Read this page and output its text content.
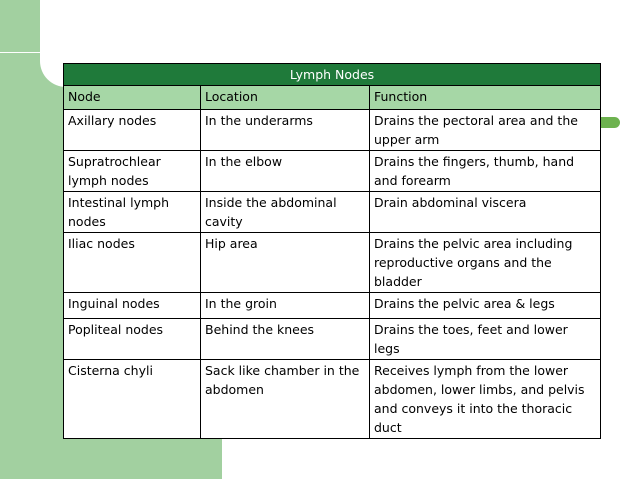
Lymph Nodes		
Node	Location	Function
Axillary nodes	In the underarms	Drains the pectoral area and the upper arm
Supratrochlear lymph nodes	In the elbow	Drains the fingers, thumb, hand and forearm
Intestinal lymph nodes	Inside the abdominal cavity	Drain abdominal viscera
Iliac nodes	Hip area	Drains the pelvic area including reproductive organs and the bladder
Inguinal nodes	In the groin	Drains the pelvic area & legs
Popliteal nodes	Behind the knees	Drains the toes, feet and lower legs
Cisterna chyli	Sack like chamber in the abdomen	Receives lymph from the lower abdomen, lower limbs, and pelvis and conveys it into the thoracic duct
